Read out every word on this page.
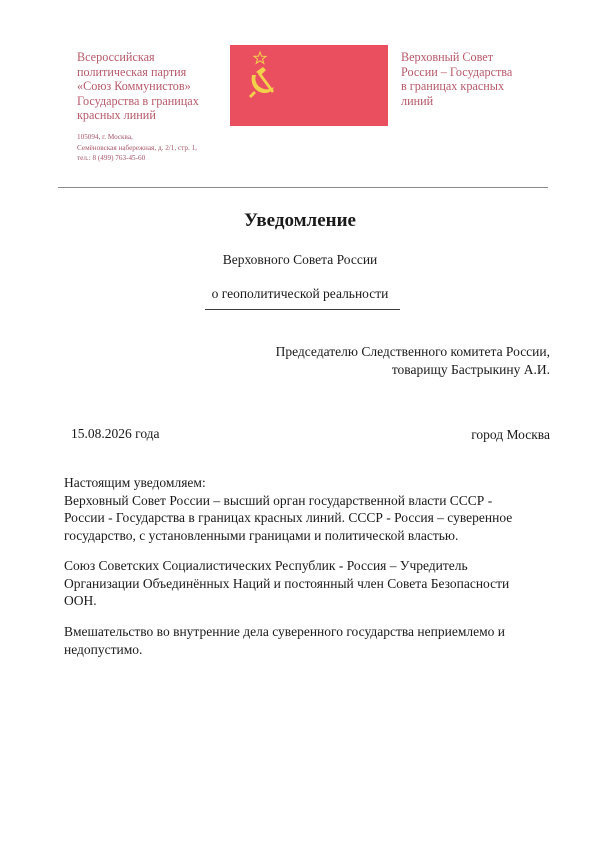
Всероссийская
политическая партия
«Союз Коммунистов»
Государства в границах
красных линий
105094, г. Москва,
Семёновская набережная, д. 2/1, стр. 1,
тел.: 8 (499) 763-45-60
Верховный Совет
России – Государства
в границах красных
линий
Уведомление
Верховного Совета России
о геополитической реальности
Председателю Следственного комитета России,
товарищу Бастрыкину А.И.
15.08.2026 года	город Москва
Настоящим уведомляем:
Верховный Совет России – высший орган государственной власти СССР -
России - Государства в границах красных линий. СССР - Россия – суверенное
государство, с установленными границами и политической властью.
Союз Советских Социалистических Республик - Россия – Учредитель
Организации Объединённых Наций и постоянный член Совета Безопасности
ООН.
Вмешательство во внутренние дела суверенного государства неприемлемо и
недопустимо.
